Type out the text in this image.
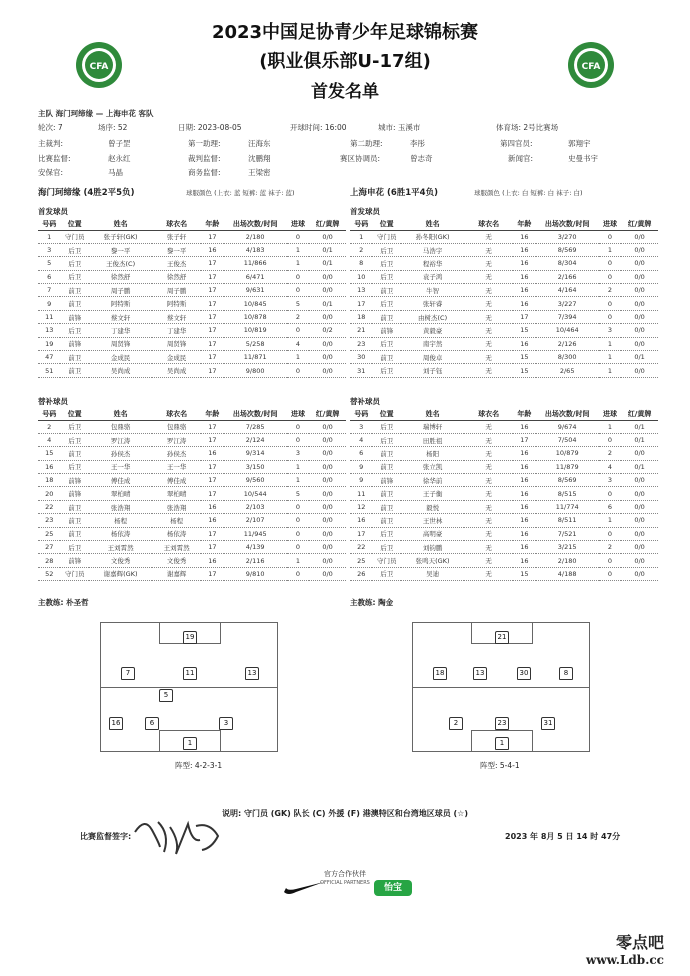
CFA	CFA
2023中国足协青少年足球锦标赛
(职业俱乐部U-17组)
首发名单
主队 海门珂缔缘 — 上海申花 客队
轮次: 7	场序: 52	日期: 2023-08-05	开球时间: 16:00	城市: 玉溪市	体育场: 2号比赛场
主裁判:	曾子罡	第一助理:	汪海东	第二助理:	李彤	第四官员:	郭翔宇
比赛监督:	赵永红	裁判监督:	沈鹏翔	赛区协调员:	曾志奇	新闻官:	史曼书宇
安保官:	马晶	商务监督:	王梁密
海门珂缔缘 (4胜2平5负)	球服颜色 (上衣: 蓝 短裤: 蓝 袜子: 蓝)	上海申花 (6胜1平4负)	球服颜色 (上衣: 白 短裤: 白 袜子: 白)
首发球员	首发球员
号码	位置	姓名	球衣名	年龄	出场次数/时间	进球	红/黄牌
1	守门员	张子轩(GK)	张子轩	17	2/180	0	0/0
3	后卫	黎一平	黎一平	16	4/183	1	0/1
5	后卫	王俊杰(C)	王俊杰	17	11/866	1	0/1
6	后卫	徐然舒	徐然舒	17	6/471	0	0/0
7	前卫	周子鹏	周子鹏	17	9/631	0	0/0
9	前卫	阿特斯	阿特斯	17	10/845	5	0/1
11	前锋	蔡文轩	蔡文轩	17	10/878	2	0/0
13	后卫	丁建华	丁建华	17	10/819	0	0/2
19	前锋	周贤锋	周贤锋	17	5/258	4	0/0
47	前卫	金成民	金成民	17	11/871	1	0/0
51	前卫	吴尚成	吴尚成	17	9/800	0	0/0
号码	位置	姓名	球衣名	年龄	出场次数/时间	进球	红/黄牌
1	守门员	孙冬阳(GK)	无	16	3/270	0	0/0
2	后卫	马浩宇	无	16	8/569	1	0/0
8	后卫	程裕华	无	16	8/304	0	0/0
10	后卫	袁子鸿	无	16	2/166	0	0/0
13	前卫	牛智	无	16	4/164	2	0/0
17	后卫	张轩睿	无	16	3/227	0	0/0
18	前卫	由树杰(C)	无	17	7/394	0	0/0
21	前锋	黄毅豪	无	15	10/464	3	0/0
23	后卫	南宇然	无	16	2/126	1	0/0
30	前卫	周俊卓	无	15	8/300	1	0/1
31	后卫	刘子钰	无	15	2/65	1	0/0
替补球员	替补球员
号码	位置	姓名	球衣名	年龄	出场次数/时间	进球	红/黄牌
2	后卫	包鼎骆	包鼎骆	17	7/285	0	0/0
4	后卫	罗江涛	罗江涛	17	2/124	0	0/0
15	前卫	孙侯杰	孙侯杰	16	9/314	3	0/0
16	后卫	王一华	王一华	17	3/150	1	0/0
18	前锋	傅佳成	傅佳成	17	9/560	1	0/0
20	前锋	翠柏晴	翠柏晴	17	10/544	5	0/0
22	前卫	张浩翔	张浩翔	16	2/103	0	0/0
23	前卫	杨程	杨程	16	2/107	0	0/0
25	前卫	杨依涛	杨依涛	17	11/945	0	0/0
27	后卫	王刘霄然	王刘霄然	17	4/139	0	0/0
28	前锋	文俊秀	文俊秀	16	2/116	1	0/0
52	守门员	谢嘉辉(GK)	谢嘉辉	17	9/810	0	0/0
号码	位置	姓名	球衣名	年龄	出场次数/时间	进球	红/黄牌
3	后卫	瑞博轩	无	16	9/674	1	0/1
4	后卫	田胜祖	无	17	7/504	0	0/1
6	前卫	杨阳	无	16	10/879	2	0/0
9	前卫	张立凯	无	16	11/879	4	0/1
9	前锋	徐华前	无	16	8/569	3	0/0
11	前卫	王子衡	无	16	8/515	0	0/0
12	前卫	毅悦	无	16	11/774	6	0/0
16	前卫	王世林	无	16	8/511	1	0/0
17	后卫	高明豪	无	16	7/521	0	0/0
22	后卫	刘钧鹏	无	16	3/215	2	0/0
25	守门员	张鸣天(GK)	无	16	2/180	0	0/0
26	后卫	吴迪	无	15	4/188	0	0/0
主教练: 朴圣哲	主教练: 陶金
19
7	11	13
5
16	6	3
1
阵型: 4-2-3-1
21
18	13	30	8
2	23	31
1
阵型: 5-4-1
说明: 守门员 (GK) 队长 (C) 外援 (F) 港澳特区和台湾地区球员 (☆)
比赛监督签字:	2023 年 8月 5 日 14 时 47分
官方合作伙伴
OFFICIAL PARTNERS	怡宝
零点吧
www.Ldb.cc
